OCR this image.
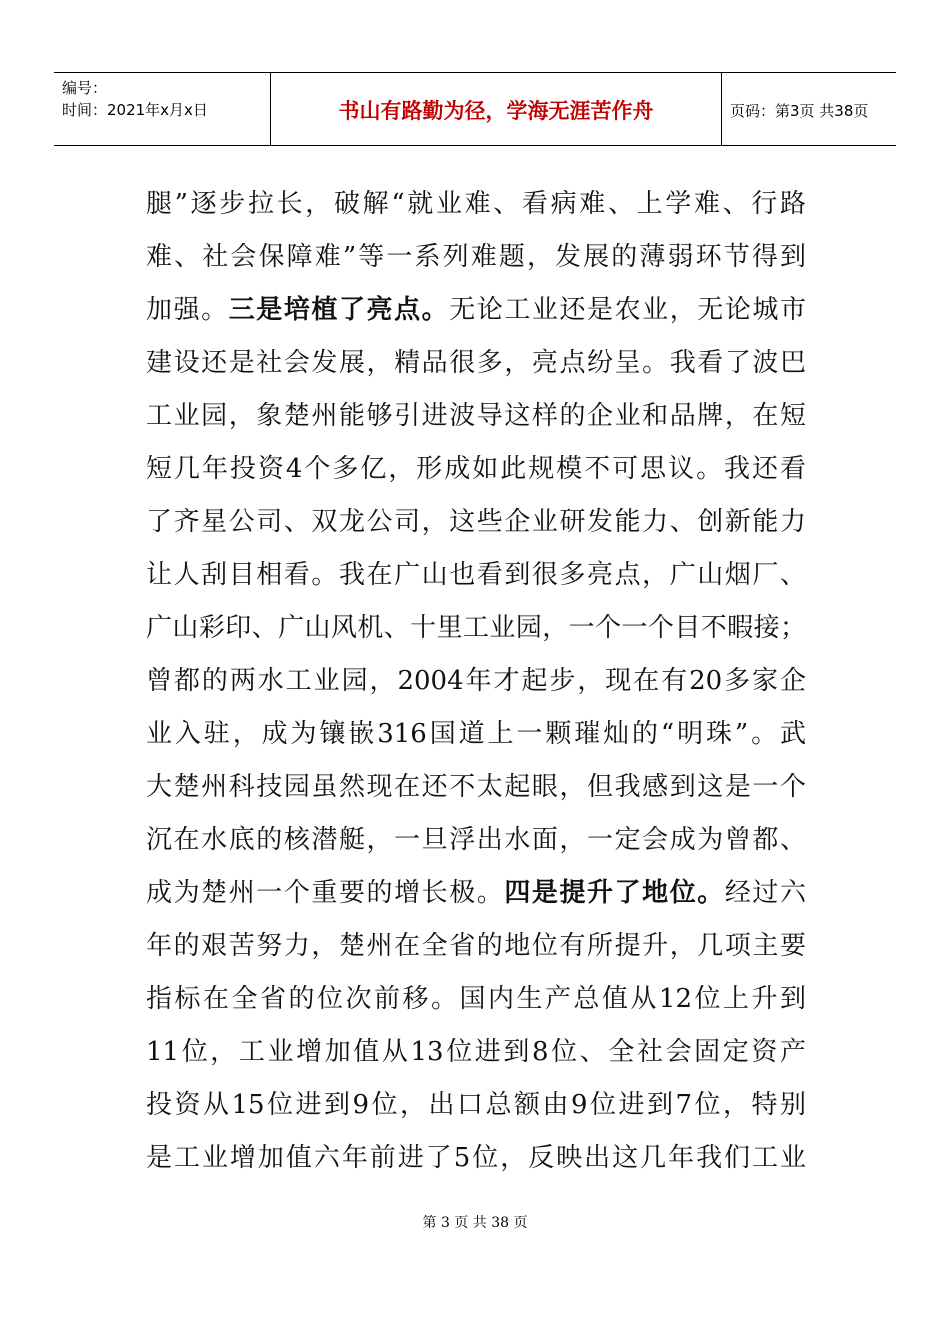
编号：
时间：2021年x月x日	书山有路勤为径，学海无涯苦作舟	页码：第3页 共38页
腿”逐步拉长，破解“就业难、看病难、上学难、行路
难、社会保障难”等一系列难题，发展的薄弱环节得到
加强。三是培植了亮点。无论工业还是农业，无论城市
建设还是社会发展，精品很多，亮点纷呈。我看了波巴
工业园，象楚州能够引进波导这样的企业和品牌，在短
短几年投资4个多亿，形成如此规模不可思议。我还看
了齐星公司、双龙公司，这些企业研发能力、创新能力
让人刮目相看。我在广山也看到很多亮点，广山烟厂、
广山彩印、广山风机、十里工业园，一个一个目不暇接；
曾都的两水工业园，2004年才起步，现在有20多家企
业入驻，成为镶嵌316国道上一颗璀灿的“明珠”。武
大楚州科技园虽然现在还不太起眼，但我感到这是一个
沉在水底的核潜艇，一旦浮出水面，一定会成为曾都、
成为楚州一个重要的增长极。四是提升了地位。经过六
年的艰苦努力，楚州在全省的地位有所提升，几项主要
指标在全省的位次前移。国内生产总值从12位上升到
11位，工业增加值从13位进到8位、全社会固定资产
投资从15位进到9位，出口总额由9位进到7位，特别
是工业增加值六年前进了5位，反映出这几年我们工业
第 3 页 共 38 页
